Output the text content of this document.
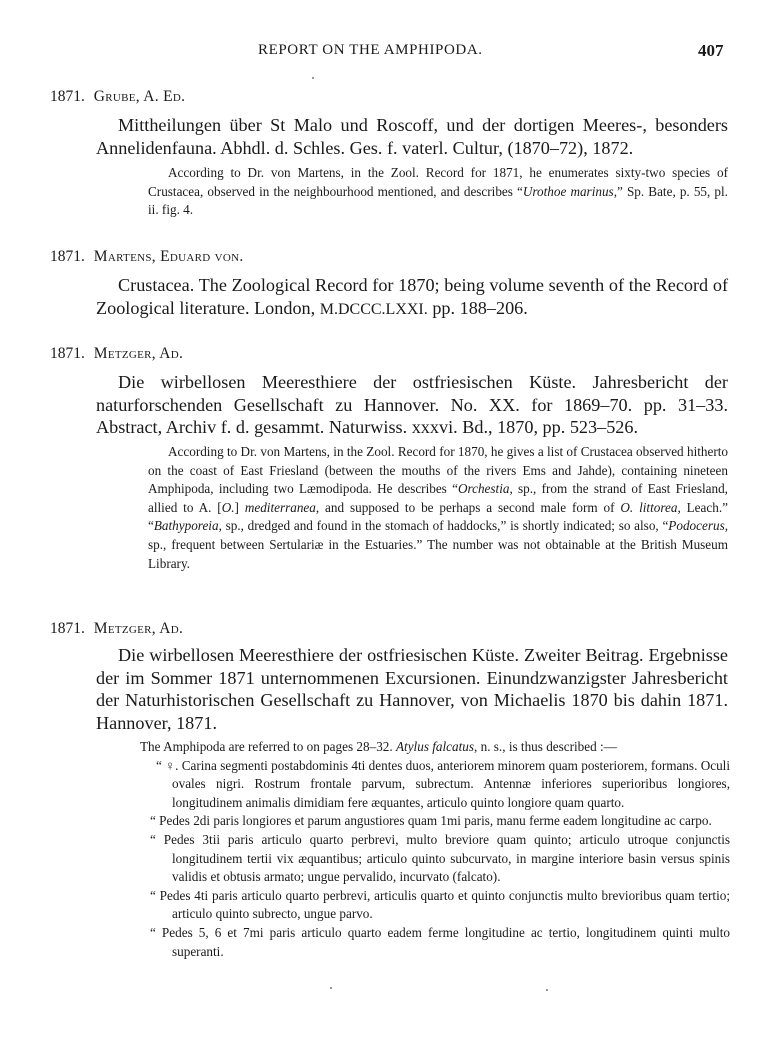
REPORT ON THE AMPHIPODA.	407
1871. Grube, A. Ed.
Mittheilungen über St Malo und Roscoff, und der dortigen Meeres-, besonders Annelidenfauna. Abhdl. d. Schles. Ges. f. vaterl. Cultur, (1870–72), 1872.
According to Dr. von Martens, in the Zool. Record for 1871, he enumerates sixty-two species of Crustacea, observed in the neighbourhood mentioned, and describes “Urothoe marinus,” Sp. Bate, p. 55, pl. ii. fig. 4.
1871. Martens, Eduard von.
Crustacea. The Zoological Record for 1870; being volume seventh of the Record of Zoological literature. London, M.DCCC.LXXI. pp. 188–206.
1871. Metzger, Ad.
Die wirbellosen Meeresthiere der ostfriesischen Küste. Jahresbericht der naturforschenden Gesellschaft zu Hannover. No. XX. for 1869–70. pp. 31–33. Abstract, Archiv f. d. gesammt. Naturwiss. xxxvi. Bd., 1870, pp. 523–526.
According to Dr. von Martens, in the Zool. Record for 1870, he gives a list of Crustacea observed hitherto on the coast of East Friesland (between the mouths of the rivers Ems and Jahde), containing nineteen Amphipoda, including two Læmodipoda. He describes “Orchestia, sp., from the strand of East Friesland, allied to A. [O.] mediterranea, and supposed to be perhaps a second male form of O. littorea, Leach.” “Bathyporeia, sp., dredged and found in the stomach of haddocks,” is shortly indicated; so also, “Podocerus, sp., frequent between Sertulariæ in the Estuaries.” The number was not obtainable at the British Museum Library.
1871. Metzger, Ad.
Die wirbellosen Meeresthiere der ostfriesischen Küste. Zweiter Beitrag. Ergebnisse der im Sommer 1871 unternommenen Excursionen. Einundzwanzigster Jahresbericht der Naturhistorischen Gesellschaft zu Hannover, von Michaelis 1870 bis dahin 1871. Hannover, 1871.

The Amphipoda are referred to on pages 28–32. Atylus falcatus, n. s., is thus described :—

“ ♀. Carina segmenti postabdominis 4ti dentes duos, anteriorem minorem quam posteriorem, formans. Oculi ovales nigri. Rostrum frontale parvum, subrectum. Antennæ inferiores superioribus longiores, longitudinem animalis dimidiam fere æquantes, articulo quinto longiore quam quarto.

“ Pedes 2di paris longiores et parum angustiores quam 1mi paris, manu ferme eadem longitudine ac carpo.

“ Pedes 3tii paris articulo quarto perbrevi, multo breviore quam quinto; articulo utroque conjunctis longitudinem tertii vix æquantibus; articulo quinto subcurvato, in margine interiore basin versus spinis validis et obtusis armato; ungue pervalido, incurvato (falcato).

“ Pedes 4ti paris articulo quarto perbrevi, articulis quarto et quinto conjunctis multo brevioribus quam tertio; articulo quinto subrecto, ungue parvo.

“ Pedes 5, 6 et 7mi paris articulo quarto eadem ferme longitudine ac tertio, longitudinem quinti multo superanti.
